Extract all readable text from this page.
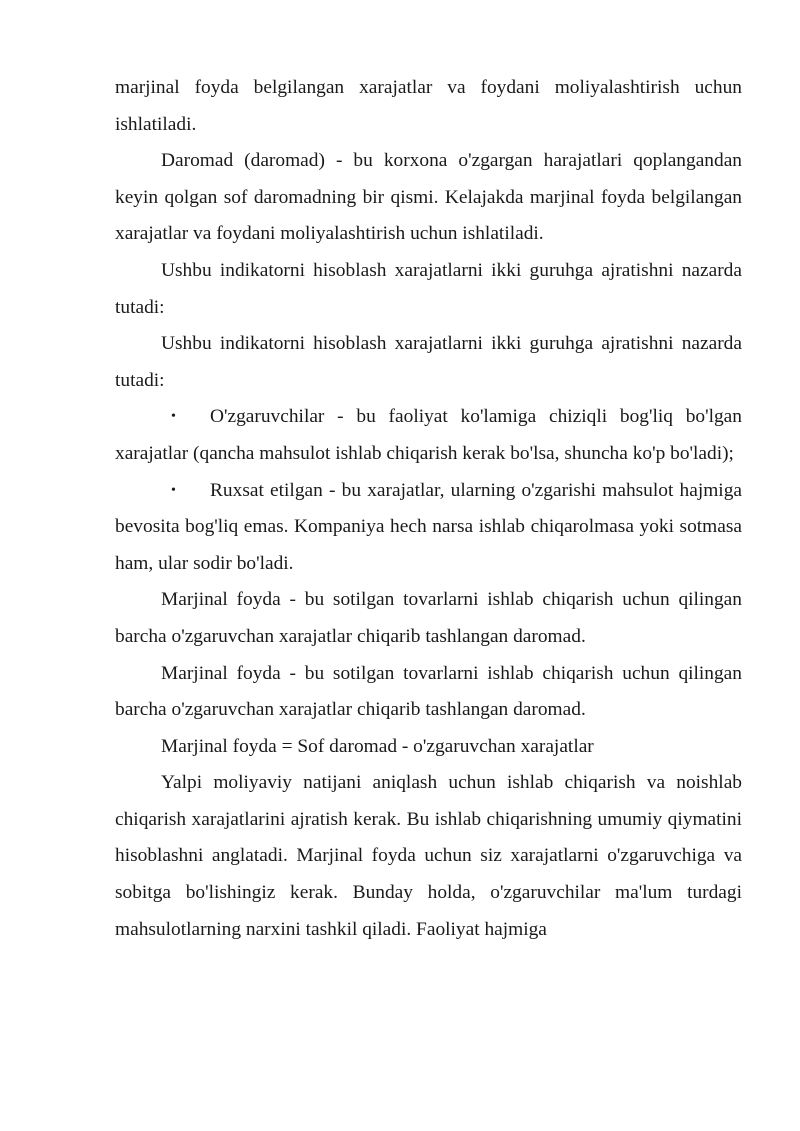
marjinal foyda belgilangan xarajatlar va foydani moliyalashtirish uchun ishlatiladi.

Daromad (daromad) - bu korxona o'zgargan harajatlari qoplangandan keyin qolgan sof daromadning bir qismi. Kelajakda marjinal foyda belgilangan xarajatlar va foydani moliyalashtirish uchun ishlatiladi.

Ushbu indikatorni hisoblash xarajatlarni ikki guruhga ajratishni nazarda tutadi:

Ushbu indikatorni hisoblash xarajatlarni ikki guruhga ajratishni nazarda tutadi:

• O'zgaruvchilar - bu faoliyat ko'lamiga chiziqli bog'liq bo'lgan xarajatlar (qancha mahsulot ishlab chiqarish kerak bo'lsa, shuncha ko'p bo'ladi);
• Ruxsat etilgan - bu xarajatlar, ularning o'zgarishi mahsulot hajmiga bevosita bog'liq emas. Kompaniya hech narsa ishlab chiqarolmasa yoki sotmasa ham, ular sodir bo'ladi.

Marjinal foyda - bu sotilgan tovarlarni ishlab chiqarish uchun qilingan barcha o'zgaruvchan xarajatlar chiqarib tashlangan daromad.

Marjinal foyda - bu sotilgan tovarlarni ishlab chiqarish uchun qilingan barcha o'zgaruvchan xarajatlar chiqarib tashlangan daromad.

Marjinal foyda = Sof daromad - o'zgaruvchan xarajatlar

Yalpi moliyaviy natijani aniqlash uchun ishlab chiqarish va noishlab chiqarish xarajatlarini ajratish kerak. Bu ishlab chiqarishning umumiy qiymatini hisoblashni anglatadi. Marjinal foyda uchun siz xarajatlarni o'zgaruvchiga va sobitga bo'lishingiz kerak. Bunday holda, o'zgaruvchilar ma'lum turdagi mahsulotlarning narxini tashkil qiladi. Faoliyat hajmiga
